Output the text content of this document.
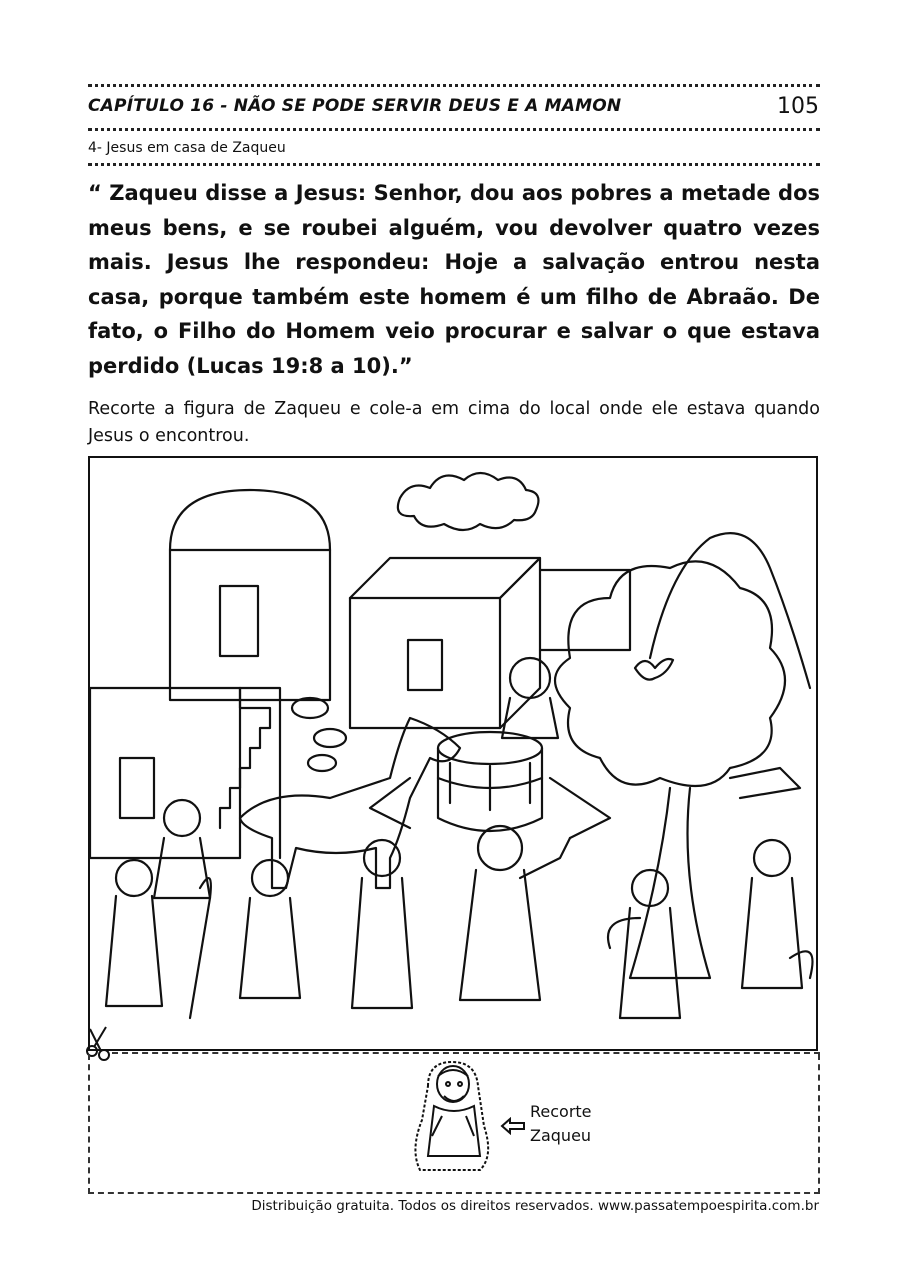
CAPÍTULO 16 - NÃO SE PODE SERVIR DEUS E A MAMON	105
4- Jesus em casa de Zaqueu

“ Zaqueu disse a Jesus: Senhor, dou aos pobres a metade dos meus bens, e se roubei alguém, vou devolver quatro vezes mais. Jesus lhe respondeu: Hoje a salvação entrou nesta casa, porque também este homem é um filho de Abraão. De fato, o Filho do Homem veio procurar e salvar o que estava perdido (Lucas 19:8 a 10).”

Recorte a figura de Zaqueu e cole-a em cima do local onde ele estava quando Jesus o encontrou.

Recorte
Zaqueu
Distribuição gratuita. Todos os direitos reservados. www.passatempoespirita.com.br
